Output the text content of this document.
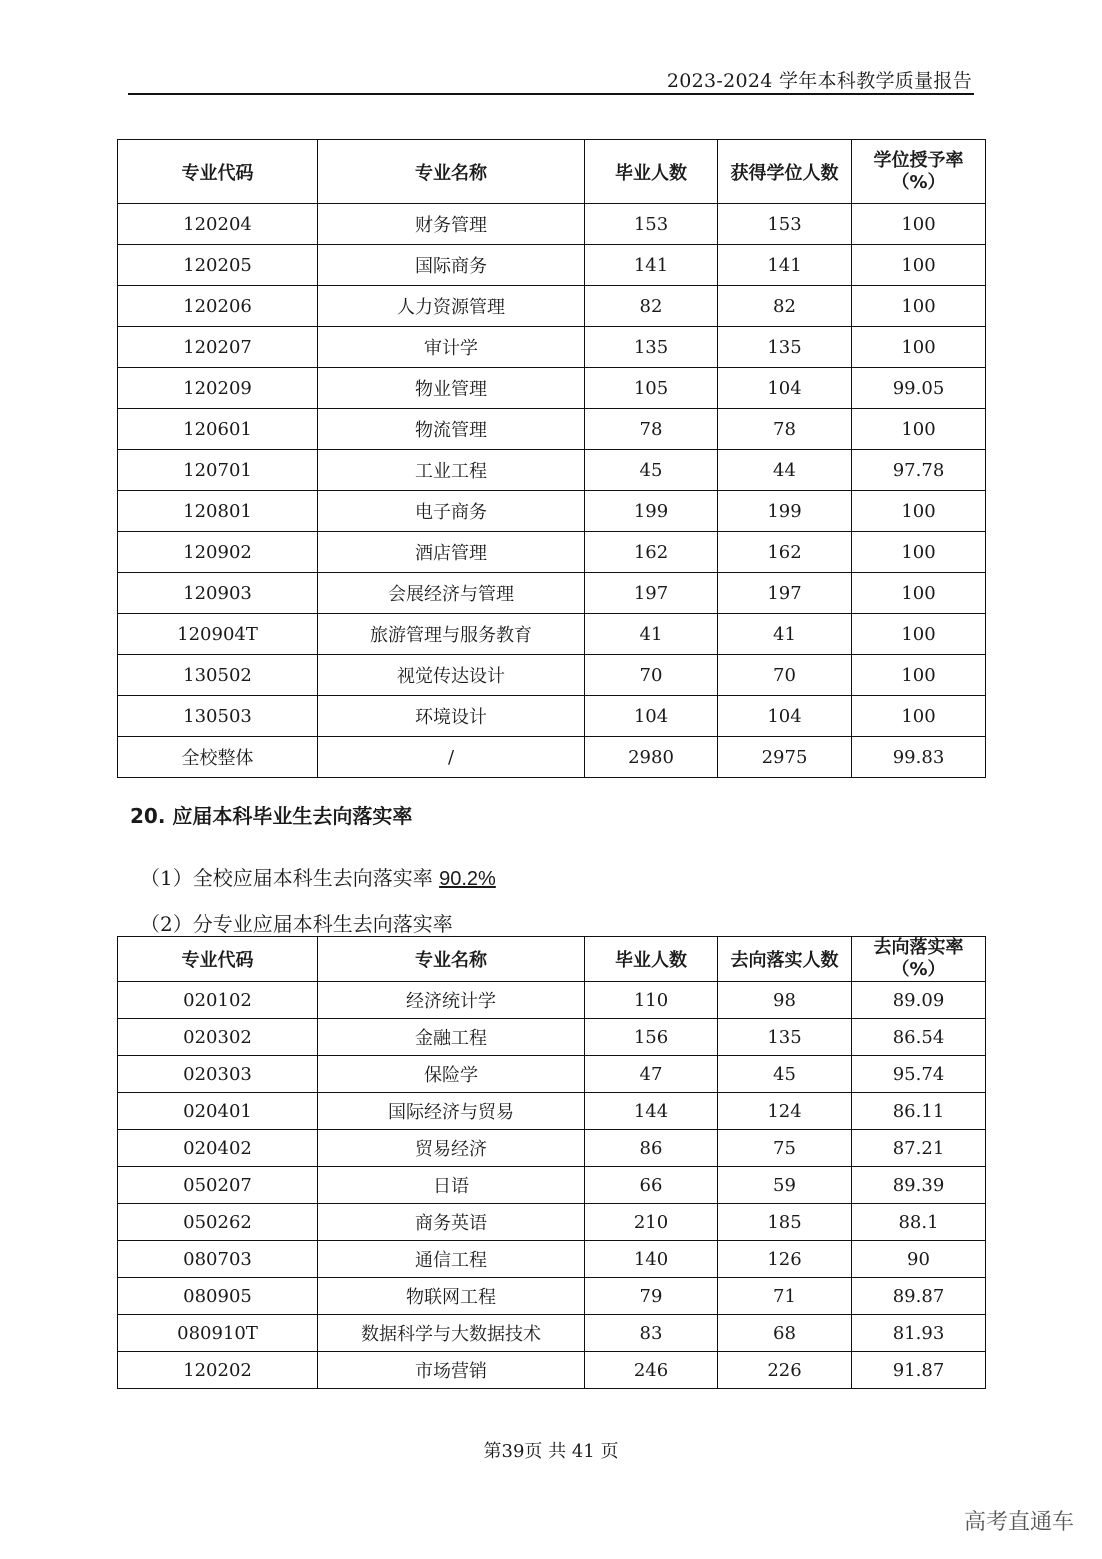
2023-2024 学年本科教学质量报告
专业代码	专业名称	毕业人数	获得学位人数	学位授予率
（%）

120204	财务管理	153	153	100
120205	国际商务	141	141	100
120206	人力资源管理	82	82	100
120207	审计学	135	135	100
120209	物业管理	105	104	99.05
120601	物流管理	78	78	100
120701	工业工程	45	44	97.78
120801	电子商务	199	199	100
120902	酒店管理	162	162	100
120903	会展经济与管理	197	197	100
120904T	旅游管理与服务教育	41	41	100
130502	视觉传达设计	70	70	100
130503	环境设计	104	104	100
全校整体	/	2980	2975	99.83
20. 应届本科毕业生去向落实率
（1）全校应届本科生去向落实率 90.2%
（2）分专业应届本科生去向落实率
专业代码	专业名称	毕业人数	去向落实人数	去向落实率
（%）

020102	经济统计学	110	98	89.09
020302	金融工程	156	135	86.54
020303	保险学	47	45	95.74
020401	国际经济与贸易	144	124	86.11
020402	贸易经济	86	75	87.21
050207	日语	66	59	89.39
050262	商务英语	210	185	88.1
080703	通信工程	140	126	90
080905	物联网工程	79	71	89.87
080910T	数据科学与大数据技术	83	68	81.93
120202	市场营销	246	226	91.87
第39页 共 41 页
高考直通车
